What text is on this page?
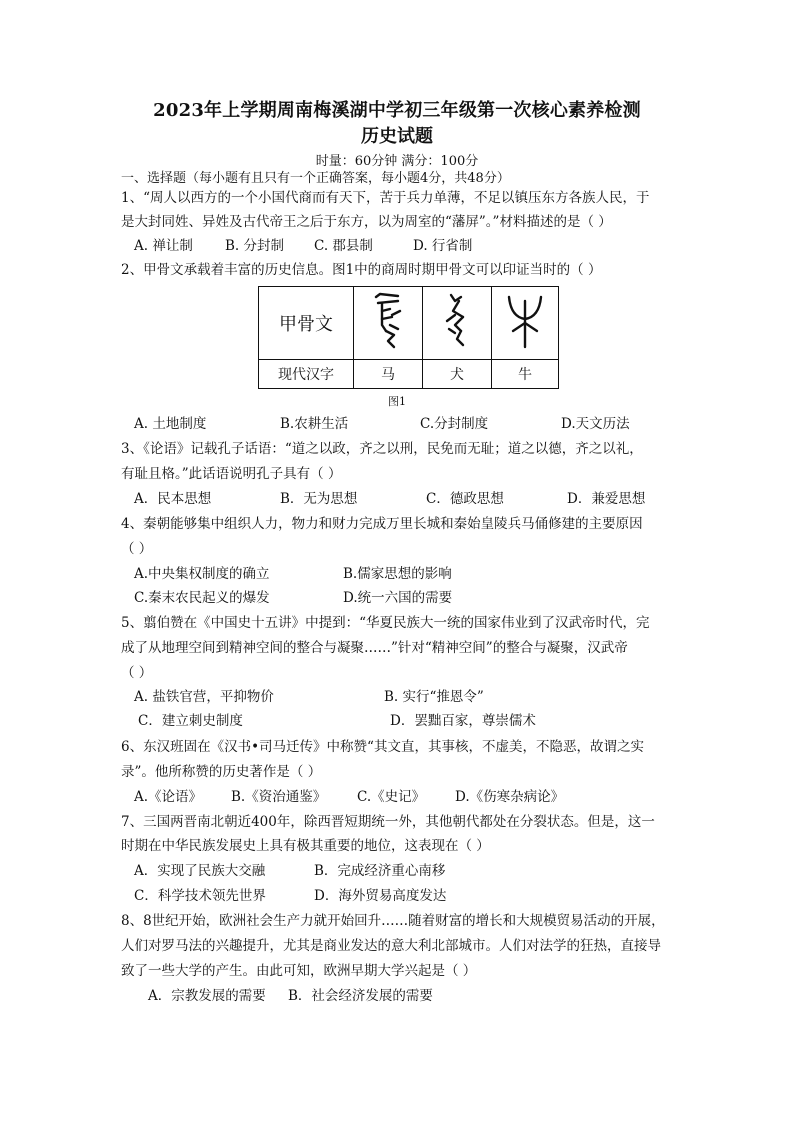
2023年上学期周南梅溪湖中学初三年级第一次核心素养检测
历史试题
时量：60分钟 满分：100分
一、选择题（每小题有且只有一个正确答案，每小题4分，共48分）
1、“周人以西方的一个小国代商而有天下，苦于兵力单薄，不足以镇压东方各族人民，于
是大封同姓、异姓及古代帝王之后于东方，以为周室的“藩屏”。”材料描述的是（ ）
A. 禅让制 B. 分封制 C. 郡县制	D. 行省制
2、甲骨文承载着丰富的历史信息。图1中的商周时期甲骨文可以印证当时的（ ）
甲骨文			
现代汉字	马	犬	牛
图1
A. 土地制度	B.农耕生活	C.分封制度	D.天文历法
3、《论语》记载孔子话语：“道之以政，齐之以刑，民免而无耻；道之以德，齐之以礼，
有耻且格。”此话语说明孔子具有（ ）
A．民本思想	B．无为思想	C．德政思想	D．兼爱思想
4、秦朝能够集中组织人力，物力和财力完成万里长城和秦始皇陵兵马俑修建的主要原因
（ ）
A.中央集权制度的确立	B.儒家思想的影响
C.秦末农民起义的爆发	D.统一六国的需要
5、翦伯赞在《中国史十五讲》中提到：“华夏民族大一统的国家伟业到了汉武帝时代，完
成了从地理空间到精神空间的整合与凝聚……”针对“精神空间”的整合与凝聚，汉武帝
（ ）
A. 盐铁官营，平抑物价	B. 实行“推恩令”
C．建立刺史制度	D．罢黜百家，尊崇儒术
6、东汉班固在《汉书•司马迁传》中称赞“其文直，其事核，不虚美，不隐恶，故谓之实
录”。他所称赞的历史著作是（ ）
A.《论语》 B.《资治通鉴》 C.《史记》 D.《伤寒杂病论》
7、三国两晋南北朝近400年，除西晋短期统一外，其他朝代都处在分裂状态。但是，这一
时期在中华民族发展史上具有极其重要的地位，这表现在（ ）
A．实现了民族大交融	B．完成经济重心南移
C．科学技术领先世界	D．海外贸易高度发达
8、8世纪开始，欧洲社会生产力就开始回升……随着财富的增长和大规模贸易活动的开展，
人们对罗马法的兴趣提升，尤其是商业发达的意大利北部城市。人们对法学的狂热，直接导
致了一些大学的产生。由此可知，欧洲早期大学兴起是（ ）
A．宗教发展的需要 B．社会经济发展的需要
